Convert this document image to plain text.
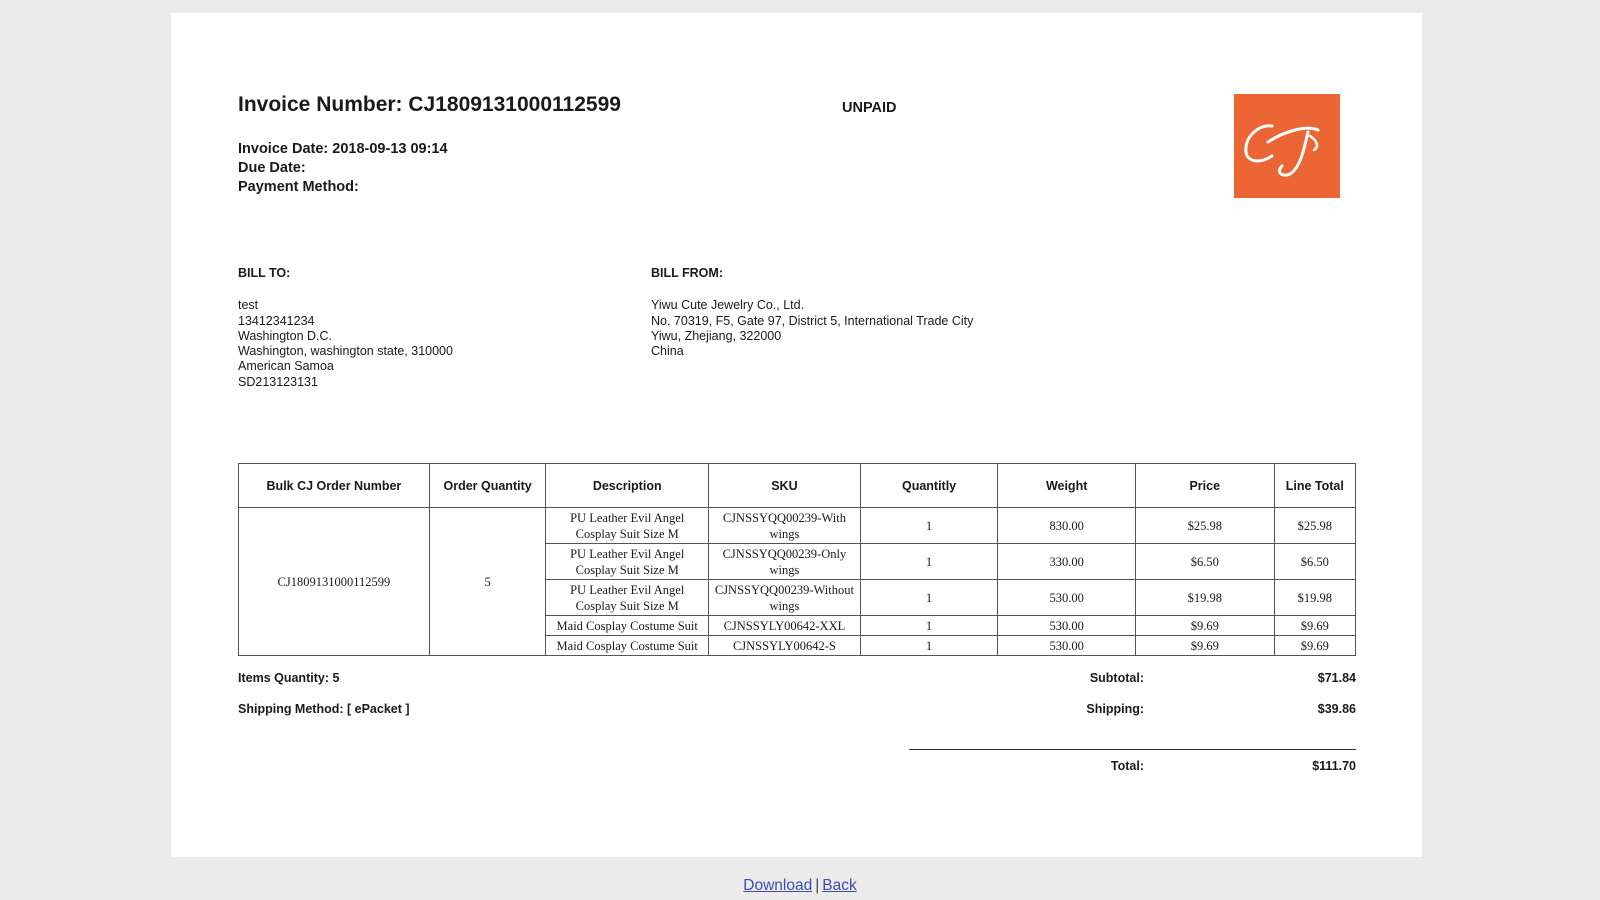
Invoice Number: CJ1809131000112599	UNPAID
Invoice Date: 2018-09-13 09:14
Due Date:
Payment Method:
BILL TO:
test
13412341234
Washington D.C.
Washington, washington state, 310000
American Samoa
SD213123131
BILL FROM:
Yiwu Cute Jewelry Co., Ltd.
No. 70319, F5, Gate 97, District 5, International Trade City
Yiwu, Zhejiang, 322000
China
Bulk CJ Order Number	Order Quantity	Description	SKU	Quantitly	Weight	Price	Line Total
CJ1809131000112599	5	PU Leather Evil Angel Cosplay Suit Size M	CJNSSYQQ00239-With wings	1	830.00	$25.98	$25.98
		PU Leather Evil Angel Cosplay Suit Size M	CJNSSYQQ00239-Only wings	1	330.00	$6.50	$6.50
		PU Leather Evil Angel Cosplay Suit Size M	CJNSSYQQ00239-Without wings	1	530.00	$19.98	$19.98
		Maid Cosplay Costume Suit	CJNSSYLY00642-XXL	1	530.00	$9.69	$9.69
		Maid Cosplay Costume Suit	CJNSSYLY00642-S	1	530.00	$9.69	$9.69
Items Quantity: 5
Shipping Method: [ ePacket ]
Subtotal:	$71.84
Shipping:	$39.86
Total:	$111.70
Download | Back
